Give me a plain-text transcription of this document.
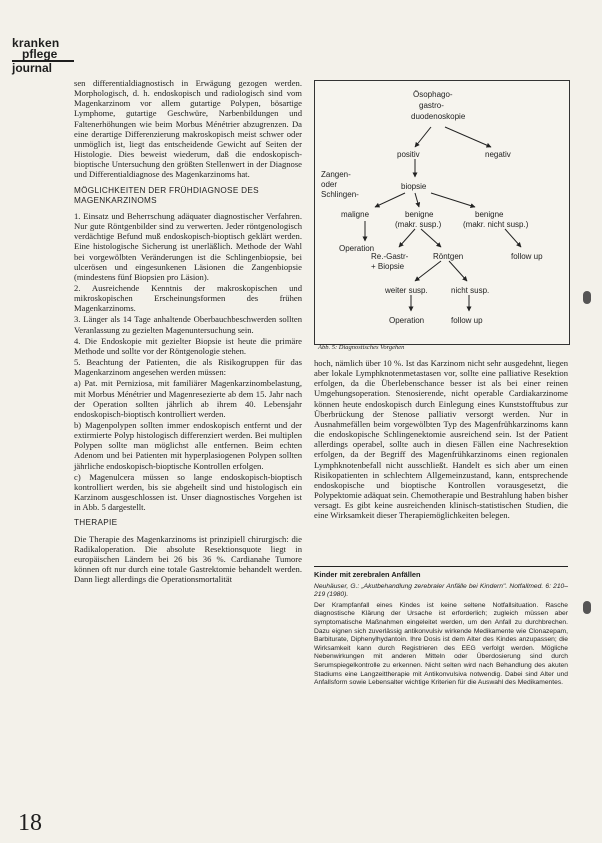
kranken
pflege
journal

sen differentialdiagnostisch in Erwägung gezogen werden. Morphologisch, d. h. endoskopisch und radiologisch sind vom Magenkarzinom vor allem gutartige Polypen, bösartige Lymphome, gutartige Geschwüre, Narbenbildungen und Faltenerhöhungen wie beim Morbus Ménétrier abzugrenzen. Da eine derartige Differenzierung makroskopisch meist schwer oder unmöglich ist, liegt das entscheidende Gewicht auf Seiten der Histologie. Dies beweist wiederum, daß die endoskopisch-bioptische Untersuchung den größten Stellenwert in der Diagnose und Differentialdiagnose des Magenkarzinoms hat.

MÖGLICHKEITEN DER FRÜHDIAGNOSE DES MAGENKARZINOMS

1. Einsatz und Beherrschung adäquater diagnostischer Verfahren. Nur gute Röntgenbilder sind zu verwerten. Jeder röntgenologisch verdächtige Befund muß endoskopisch-bioptisch geklärt werden. Eine histologische Sicherung ist unerläßlich. Methode der Wahl bei vorgewölbten Veränderungen ist die Schlingenbiopsie, bei ulcerösen und eingesunkenen Läsionen die Zangenbiopsie (mindestens fünf Biopsien pro Läsion).

2. Ausreichende Kenntnis der makroskopischen und mikroskopischen Erscheinungsformen des frühen Magenkarzinoms.

3. Länger als 14 Tage anhaltende Oberbauchbeschwerden sollten Veranlassung zu gezielten Magenuntersuchung sein.

4. Die Endoskopie mit gezielter Biopsie ist heute die primäre Methode und sollte vor der Röntgenologie stehen.

5. Beachtung der Patienten, die als Risikogruppen für das Magenkarzinom angesehen werden müssen:

a) Pat. mit Perniziosa, mit familiärer Magenkarzinombelastung, mit Morbus Ménétrier und Magenresezierte ab dem 15. Jahr nach der Operation sollten jährlich ab ihrem 40. Lebensjahr endoskopisch-bioptisch kontrolliert werden.

b) Magenpolypen sollten immer endoskopisch entfernt und der extirmierte Polyp histologisch differenziert werden. Bei multiplen Polypen sollte man möglichst alle entfernen. Beim echten Adenom und bei Patienten mit hyperplasiogenen Polypen sollten jährliche endoskopisch-bioptische Kontrollen erfolgen.

c) Magenulcera müssen so lange endoskopisch-bioptisch kontrolliert werden, bis sie abgeheilt sind und histologisch ein Karzinom ausgeschlossen ist. Unser diagnostisches Vorgehen ist in Abb. 5 dargestellt.

THERAPIE

Die Therapie des Magenkarzinoms ist prinzipiell chirurgisch: die Radikaloperation. Die absolute Resektionsquote liegt in europäischen Ländern bei 26 bis 36 %. Cardianahe Tumore können oft nur durch eine totale Gastrektomie behandelt werden. Dann liegt allerdings die Operationsmortalität

18
Ösophago- gastro- duodenoskopie
positiv	negativ
Zangen- oder Schlingen-
biopsie
maligne	benigne (makr. susp.)
benigne (makr. nicht susp.)
Operation
Re.-Gastr- + Biopsie
Röntgen	follow up
weiter susp.	nicht susp.
Operation	follow up
Abb. 5: Diagnostisches Vorgehen

hoch, nämlich über 10 %. Ist das Karzinom nicht sehr ausgedehnt, liegen aber lokale Lymphknotenmetastasen vor, sollte eine palliative Resektion erfolgen, da die Überlebenschance besser ist als bei einer reinen Umgehungsoperation. Stenosierende, nicht operable Cardiakarzinome können heute endoskopisch durch Einlegung eines Kunststofftubus zur Überbrückung der Stenose palliativ versorgt werden. Nur in Ausnahmefällen beim vorgewölbten Typ des Magenfrühkarzinoms kann die endoskopische Schlingenektomie ausreichend sein. Ist der Patient allerdings operabel, sollte auch in diesen Fällen eine Nachresektion erfolgen, da der Begriff des Magenfrühkarzinoms einen regionalen Lymphknotenbefall nicht ausschließt. Handelt es sich aber um einen Risikopatienten in schlechtem Allgemeinzustand, kann, entsprechende endoskopische und bioptische Kontrollen vorausgesetzt, die Polypektomie adäquat sein. Chemotherapie und Bestrahlung haben bisher versagt. Es gibt keine ausreichenden klinisch-statistischen Studien, die eine Wirksamkeit dieser Therapiemöglichkeiten belegen.

Kinder mit zerebralen Anfällen
Neuhäuser, G.: „Akutbehandlung zerebraler Anfälle bei Kindern". Notfallmed. 6: 210–219 (1980).
Der Krampfanfall eines Kindes ist keine seltene Notfallsituation. Rasche diagnostische Klärung der Ursache ist erforderlich; zugleich müssen aber symptomatische Maßnahmen eingeleitet werden, um den Anfall zu durchbrechen. Dazu eignen sich zuverlässig antikonvulsiv wirkende Medikamente wie Clonazepam, Barbiturate, Diphenylhydantoin. Ihre Dosis ist dem Alter des Kindes anzupassen; die Wirksamkeit kann durch Registrieren des EEG verfolgt werden. Mögliche Nebenwirkungen mit anderen Mitteln oder Überdosierung sind durch Serumspiegelkontrolle zu erkennen. Nicht selten wird nach Behandlung des akuten Stadiums eine Langzeittherapie mit Antikonvulsiva notwendig. Dabei sind Alter und Anfallsform sowie Lebensalter wichtige Kriterien für die Auswahl des Medikamentes.
